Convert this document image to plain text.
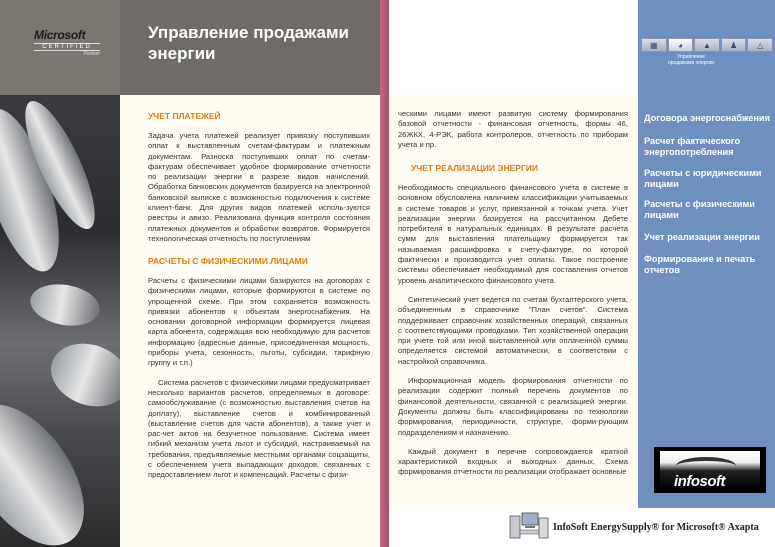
Microsoft
CERTIFIED
Partner
Управление продажами энергии
УЧЕТ ПЛАТЕЖЕЙ

Задача учета платежей реализует привязку поступивших оплат к выставленным счетам-фактурам и платежным документам. Разноска поступивших оплат по счетам-фактурам обеспечивает удобное формирование отчетности по реализации энергии в разрезе видов начислений. Обработка банковских документов базируется на электронной банковской выписке с возможностью подключения к системе клиент-банк. Для других видов платежей исполь-зуются реестры и авизо. Реализована функция контроля состояния платежных документов и обработки возвратов. Формируется технологическая отчетность по поступлениям

РАСЧЕТЫ С ФИЗИЧЕСКИМИ ЛИЦАМИ

Расчеты с физическими лицами базируются на договорах с физическими лицами, которые формируются в системе по упрощенной схеме. При этом сохраняется возможность привязки абонентов к объектам энергоснабжения. На основании договорной информации формируется лицевая карта абонента, содержащая всю необходимую для расчетов информацию (адресные данные, присоединенная мощность, приборы учета, сезонность, льготы, субсидии, тарифную группу и т.п.)

Система расчетов с физическими лицами предусматривает несколько вариантов расчетов, определяемых в договоре: самообслуживание (с возможностью выставления счетов на доплату), выставление счетов и комбинированный (выставление счетов для части абонентов), а также учет и рас-чет актов на безучетное пользование. Система имеет гибкий механизм учета льгот и субсидий, настраиваемый на требования, предъявляемые местными органами соцзащиты, с обеспечением учета выпадающих доходов, связанных с предоставлением льгот и компенсаций. Расчеты с физи-

ческими лицами имеют развитую систему формирования базовой отчетности - финансовая отчетность, формы 46, 26ЖКХ, 4-РЭК, работа контролеров, отчетность по приборам учета и пр.

УЧЕТ РЕАЛИЗАЦИИ ЭНЕРГИИ

Необходимость специального финансового учета в системе в основном обусловлена наличием классификации учитываемых в системе товаров и услуг, привязанной к точкам учета. Учет реализации энергии базируется на рассчитанном Дебете потребителя в натуральных единицах. В результате расчета сумм для выставления плательщику формируется так называемая расшифровка к счету-фактуре, по которой фактически и производится учет оплаты. Такое построение системы обеспечивает необходимый для составления отчетов уровень аналитического финансового учета.

Синтетический учет ведется по счетам бухгалтерского учета, объединенным в справочнике "План счетов". Система поддерживает справочник хозяйственных операций, связанных с соответствующими проводками. Тип хозяйственной операции при учете той или иной выставленной или оплаченной суммы определяется системой автоматически, в соответствии с настройкой справочника.

Информационная модель формирования отчетности по реализации содержит полный перечень документов по финансовой деятельности, связанной с реализацией энергии. Документы должны быть классифицированы по технологии формирования, периодичности, структуре, форми-рующим подразделениям и назначению.

Каждый документ в перечне сопровождается краткой характеристикой входных и выходных данных. Схема формирования отчетности по реализации отображает основные

▦	◕	▲	♟	△
Управление продажами энергии
Договора энергоснабжения
Расчет фактического энергопотребления
Расчеты с юридическими лицами
Расчеты с физическими лицами
Учет реализации энергии
Формирование и печать отчетов
infosoft
InfoSoft EnergySupply® for Microsoft® Axapta
